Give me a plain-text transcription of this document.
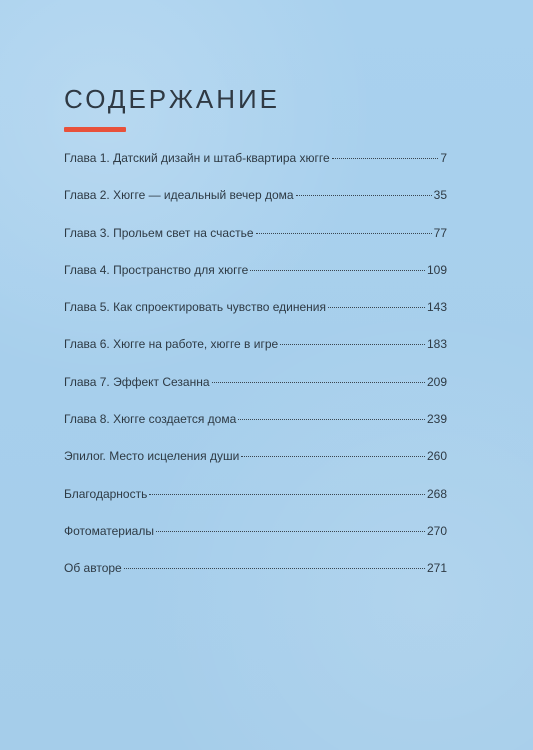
СОДЕРЖАНИЕ
Глава 1. Датский дизайн и штаб-квартира хюгге	7
Глава 2. Хюгге — идеальный вечер дома	35
Глава 3. Прольем свет на счастье	77
Глава 4. Пространство для хюгге	109
Глава 5. Как спроектировать чувство единения	143
Глава 6. Хюгге на работе, хюгге в игре	183
Глава 7. Эффект Сезанна	209
Глава 8. Хюгге создается дома	239
Эпилог. Место исцеления души	260
Благодарность	268
Фотоматериалы	270
Об авторе	271
